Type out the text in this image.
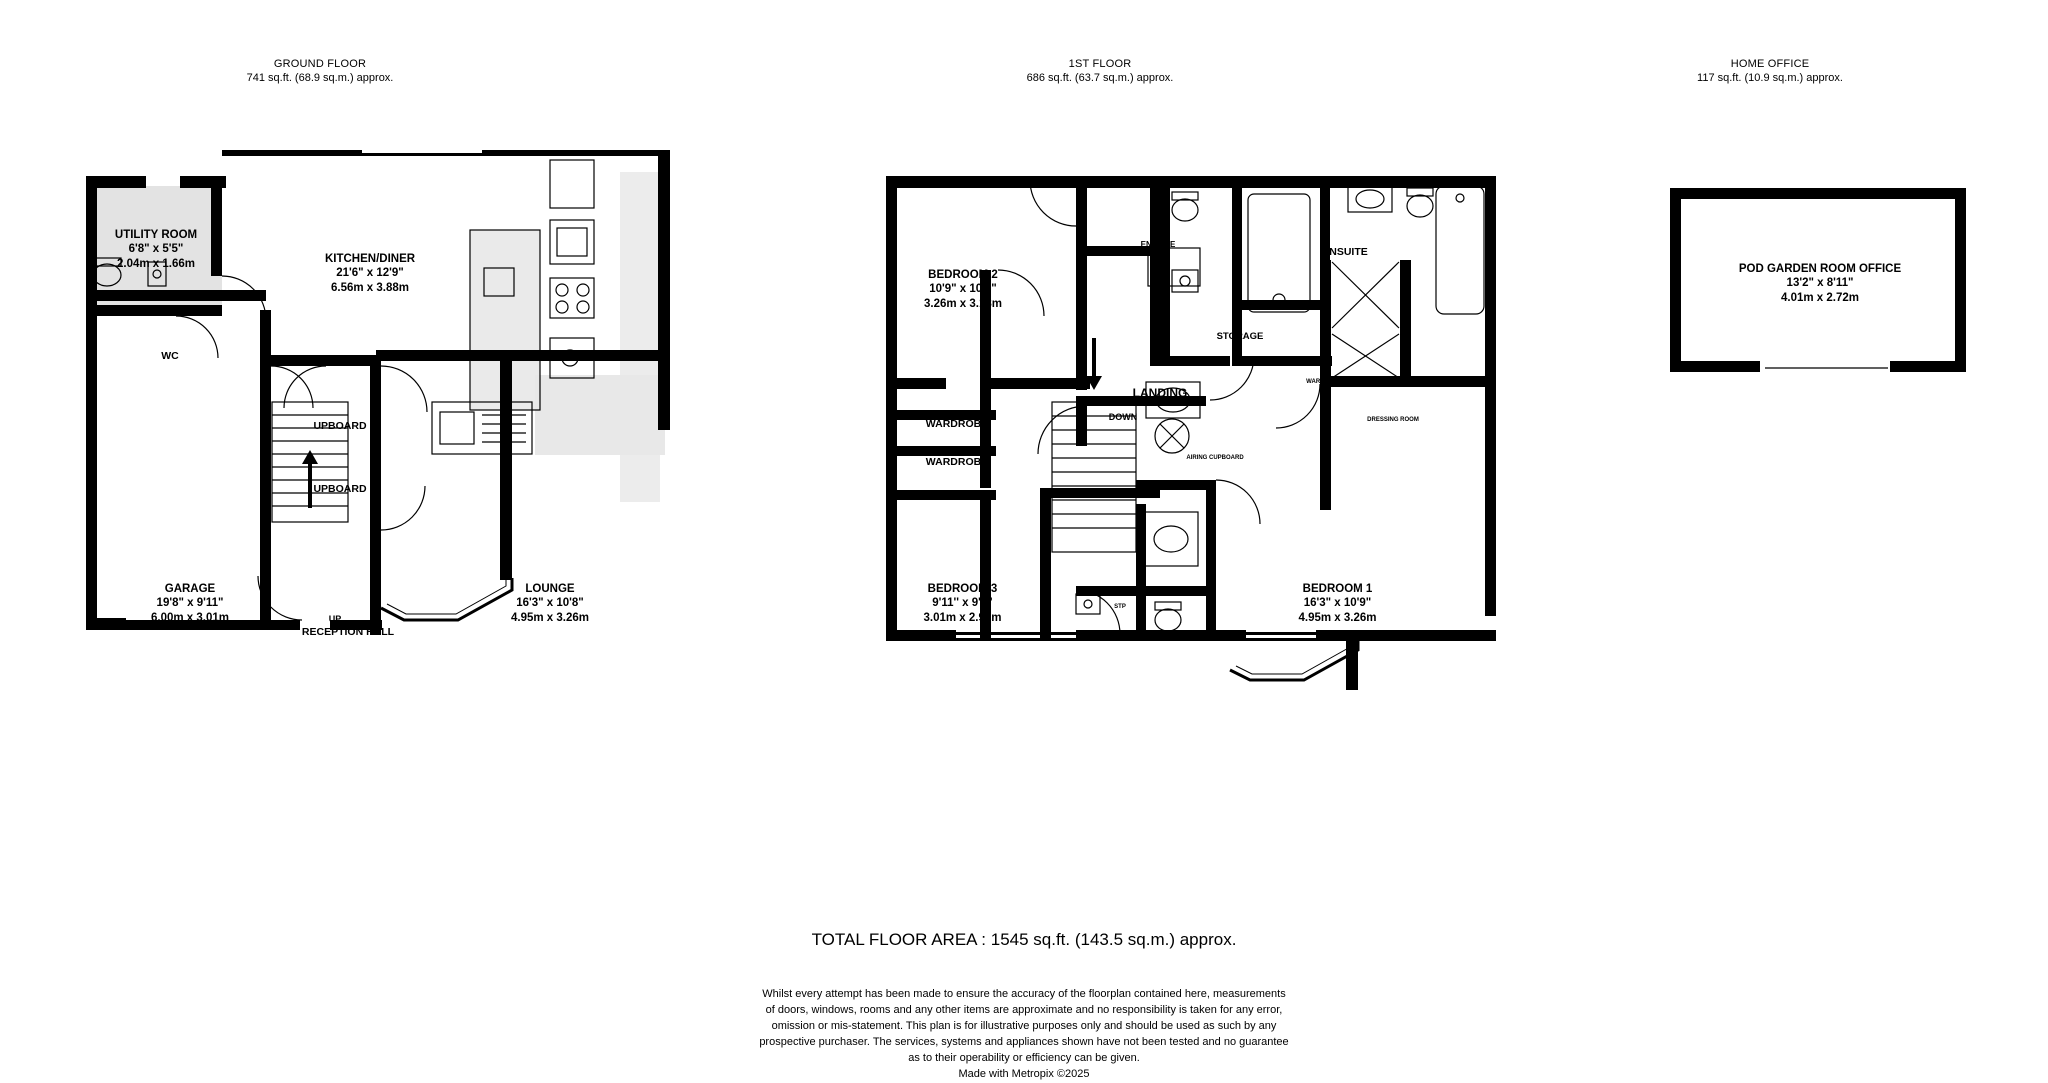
GROUND FLOOR
741 sq.ft. (68.9 sq.m.) approx.
1ST FLOOR
686 sq.ft. (63.7 sq.m.) approx.
HOME OFFICE
117 sq.ft. (10.9 sq.m.) approx.
UTILITY ROOM
6'8" x 5'5"
2.04m x 1.66m	KITCHEN/DINER
21'6" x 12'9"
6.56m x 3.88m
WC
UPBOARD
UPBOARD
GARAGE
19'8" x 9'11"
6.00m x 3.01m
LOUNGE
16'3" x 10'8"
4.95m x 3.26m
RECEPTION HALL
UP
BEDROOM 2
10'9" x 10'5"
3.26m x 3.18m
ENSUITE
ENSUITE
STORAGE
LANDING
DOWN
WARDROBE
WARDROBE
WARDROBE	WARDROBE
DRESSING ROOM
AIRING CUPBOARD
STP
BEDROOM 3
9'11'' x 9'8"
3.01m x 2.96m
BEDROOM 1
16'3" x 10'9"
4.95m x 3.26m
ENSUITE
POD GARDEN ROOM OFFICE
13'2" x 8'11"
4.01m x 2.72m
TOTAL FLOOR AREA : 1545 sq.ft. (143.5 sq.m.) approx.
Whilst every attempt has been made to ensure the accuracy of the floorplan contained here, measurements
of doors, windows, rooms and any other items are approximate and no responsibility is taken for any error,
omission or mis-statement. This plan is for illustrative purposes only and should be used as such by any
prospective purchaser. The services, systems and appliances shown have not been tested and no guarantee
as to their operability or efficiency can be given.
Made with Metropix ©2025
